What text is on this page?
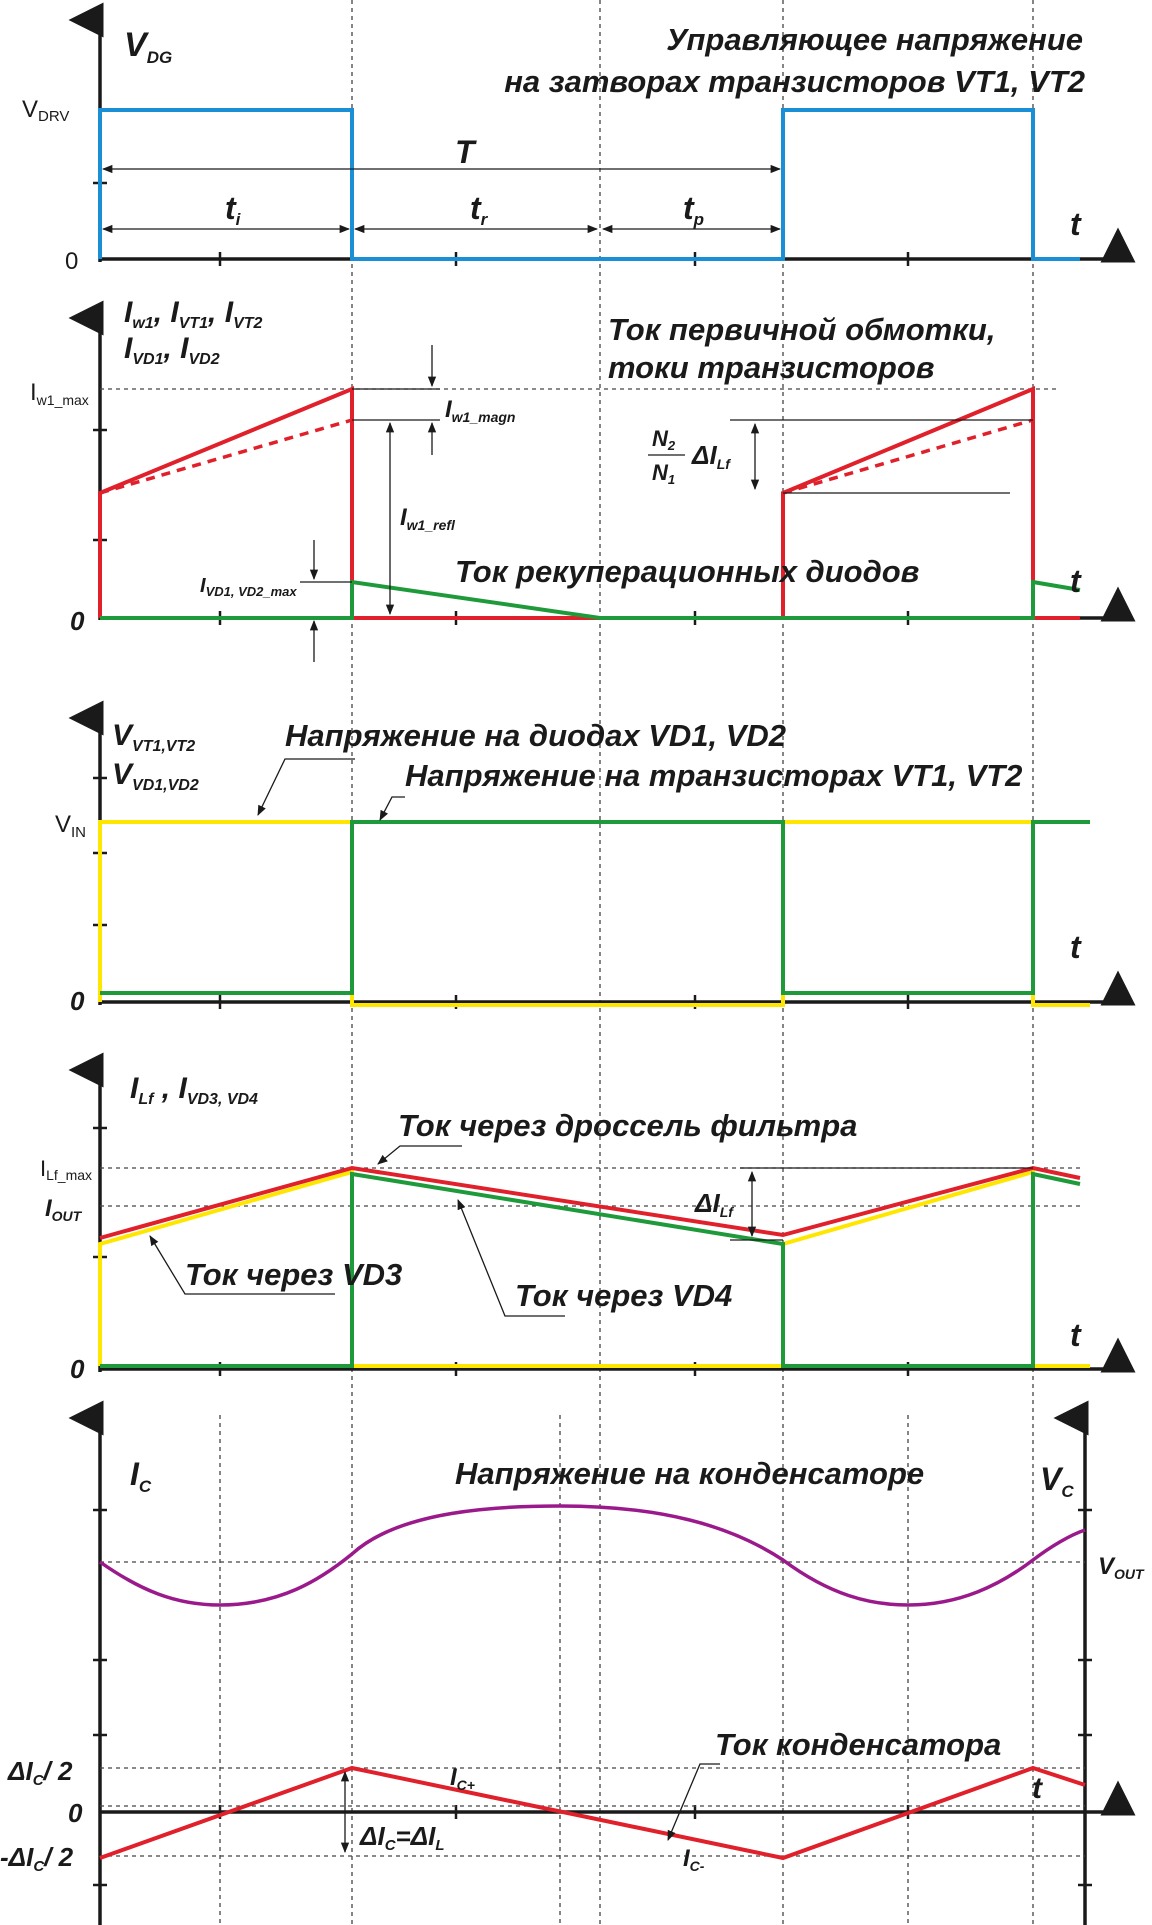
VDRV
0
$V_{DG}$
Управляющее напряжение
на затворах транзисторов VT1, VT2
T
ti	tr	tp	t
$I_{w1\_max}$
0
$I_{w1}$, $I_{VT1}$, $I_{VT2}$
$I_{VD1}$, $I_{VD2}$
Ток первичной обмотки,
токи транзисторов
$I_{w1\_magn}$
$I_{w1\_refl}$
$I_{VD1, VD2\_max}$
N2
N1
ΔILf
Ток рекуперационных диодов	t
$V_{IN}$
0
$V_{VT1,VT2}$
$V_{VD1,VD2}$
Напряжение на диодах VD1, VD2
Напряжение на транзисторах VT1, VT2
t
ILf_max
$I_{OUT}$
0
$I_{Lf}$ , $I_{VD3, VD4}$
Ток через дроссель фильтра
Ток через VD3
Ток через VD4
ΔILf
t
$I_C$	$V_C$
Напряжение на конденсаторе
$V_{OUT}$
Ток конденсатора
ΔIC/ 2
0
-ΔIC/ 2
$I_{C+}$
$I_{C-}$
ΔIC=ΔIL
t
